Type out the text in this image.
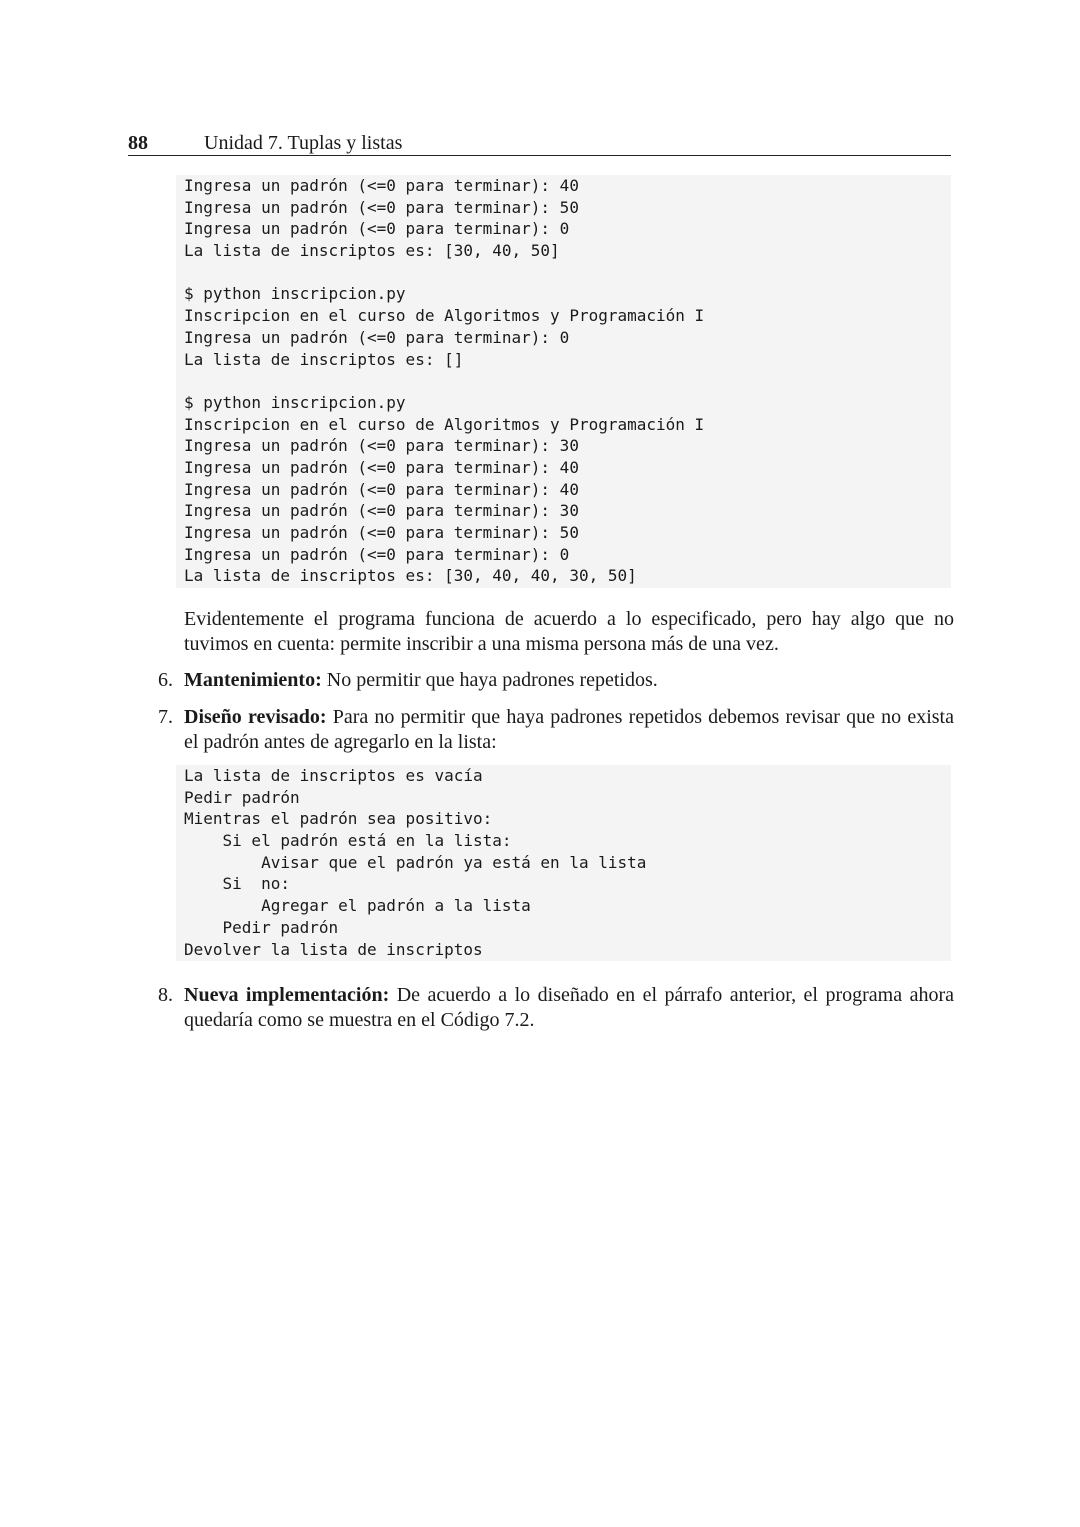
88	Unidad 7. Tuplas y listas
Ingresa un padrón (<=0 para terminar): 40
Ingresa un padrón (<=0 para terminar): 50
Ingresa un padrón (<=0 para terminar): 0
La lista de inscriptos es: [30, 40, 50]
$ python inscripcion.py
Inscripcion en el curso de Algoritmos y Programación I
Ingresa un padrón (<=0 para terminar): 0
La lista de inscriptos es: []
$ python inscripcion.py
Inscripcion en el curso de Algoritmos y Programación I
Ingresa un padrón (<=0 para terminar): 30
Ingresa un padrón (<=0 para terminar): 40
Ingresa un padrón (<=0 para terminar): 40
Ingresa un padrón (<=0 para terminar): 30
Ingresa un padrón (<=0 para terminar): 50
Ingresa un padrón (<=0 para terminar): 0
La lista de inscriptos es: [30, 40, 40, 30, 50]

Evidentemente el programa funciona de acuerdo a lo especificado, pero hay algo que no tuvimos en cuenta: permite inscribir a una misma persona más de una vez.

6. Mantenimiento: No permitir que haya padrones repetidos.
7. Diseño revisado: Para no permitir que haya padrones repetidos debemos revisar que no exista el padrón antes de agregarlo en la lista:
La lista de inscriptos es vacía
Pedir padrón
Mientras el padrón sea positivo:
Si el padrón está en la lista:
Avisar que el padrón ya está en la lista
Si  no:
Agregar el padrón a la lista
Pedir padrón
Devolver la lista de inscriptos
8. Nueva implementación: De acuerdo a lo diseñado en el párrafo anterior, el programa ahora quedaría como se muestra en el Código 7.2.
